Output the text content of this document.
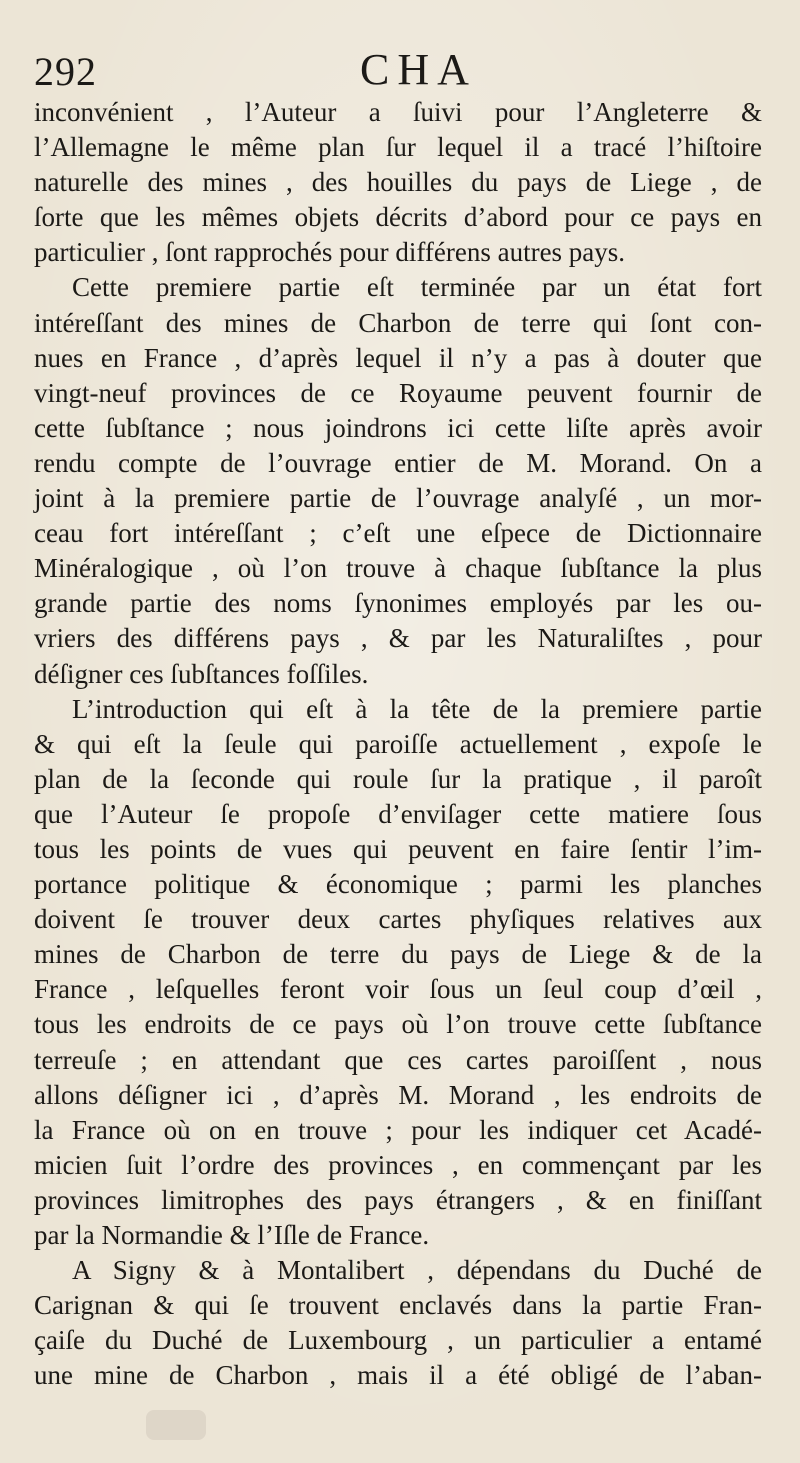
292	CHA
inconvénient , l’Auteur a ſuivi pour l’Angleterre &
l’Allemagne le même plan ſur lequel il a tracé l’hiſtoire
naturelle des mines , des houilles du pays de Liege , de
ſorte que les mêmes objets décrits d’abord pour ce pays en
particulier , ſont rapprochés pour différens autres pays.
Cette premiere partie eſt terminée par un état fort
intéreſſant des mines de Charbon de terre qui ſont con-
nues en France , d’après lequel il n’y a pas à douter que
vingt-neuf provinces de ce Royaume peuvent fournir de
cette ſubſtance ; nous joindrons ici cette liſte après avoir
rendu compte de l’ouvrage entier de M. Morand. On a
joint à la premiere partie de l’ouvrage analyſé , un mor-
ceau fort intéreſſant ; c’eſt une eſpece de Dictionnaire
Minéralogique , où l’on trouve à chaque ſubſtance la plus
grande partie des noms ſynonimes employés par les ou-
vriers des différens pays , & par les Naturaliſtes , pour
déſigner ces ſubſtances foſſiles.
L’introduction qui eſt à la tête de la premiere partie
& qui eſt la ſeule qui paroiſſe actuellement , expoſe le
plan de la ſeconde qui roule ſur la pratique , il paroît
que l’Auteur ſe propoſe d’enviſager cette matiere ſous
tous les points de vues qui peuvent en faire ſentir l’im-
portance politique & économique ; parmi les planches
doivent ſe trouver deux cartes phyſiques relatives aux
mines de Charbon de terre du pays de Liege & de la
France , leſquelles feront voir ſous un ſeul coup d’œil ,
tous les endroits de ce pays où l’on trouve cette ſubſtance
terreuſe ; en attendant que ces cartes paroiſſent , nous
allons déſigner ici , d’après M. Morand , les endroits de
la France où on en trouve ; pour les indiquer cet Acadé-
micien ſuit l’ordre des provinces , en commençant par les
provinces limitrophes des pays étrangers , & en finiſſant
par la Normandie & l’Iſle de France.
A Signy & à Montalibert , dépendans du Duché de
Carignan & qui ſe trouvent enclavés dans la partie Fran-
çaiſe du Duché de Luxembourg , un particulier a entamé
une mine de Charbon , mais il a été obligé de l’aban-
